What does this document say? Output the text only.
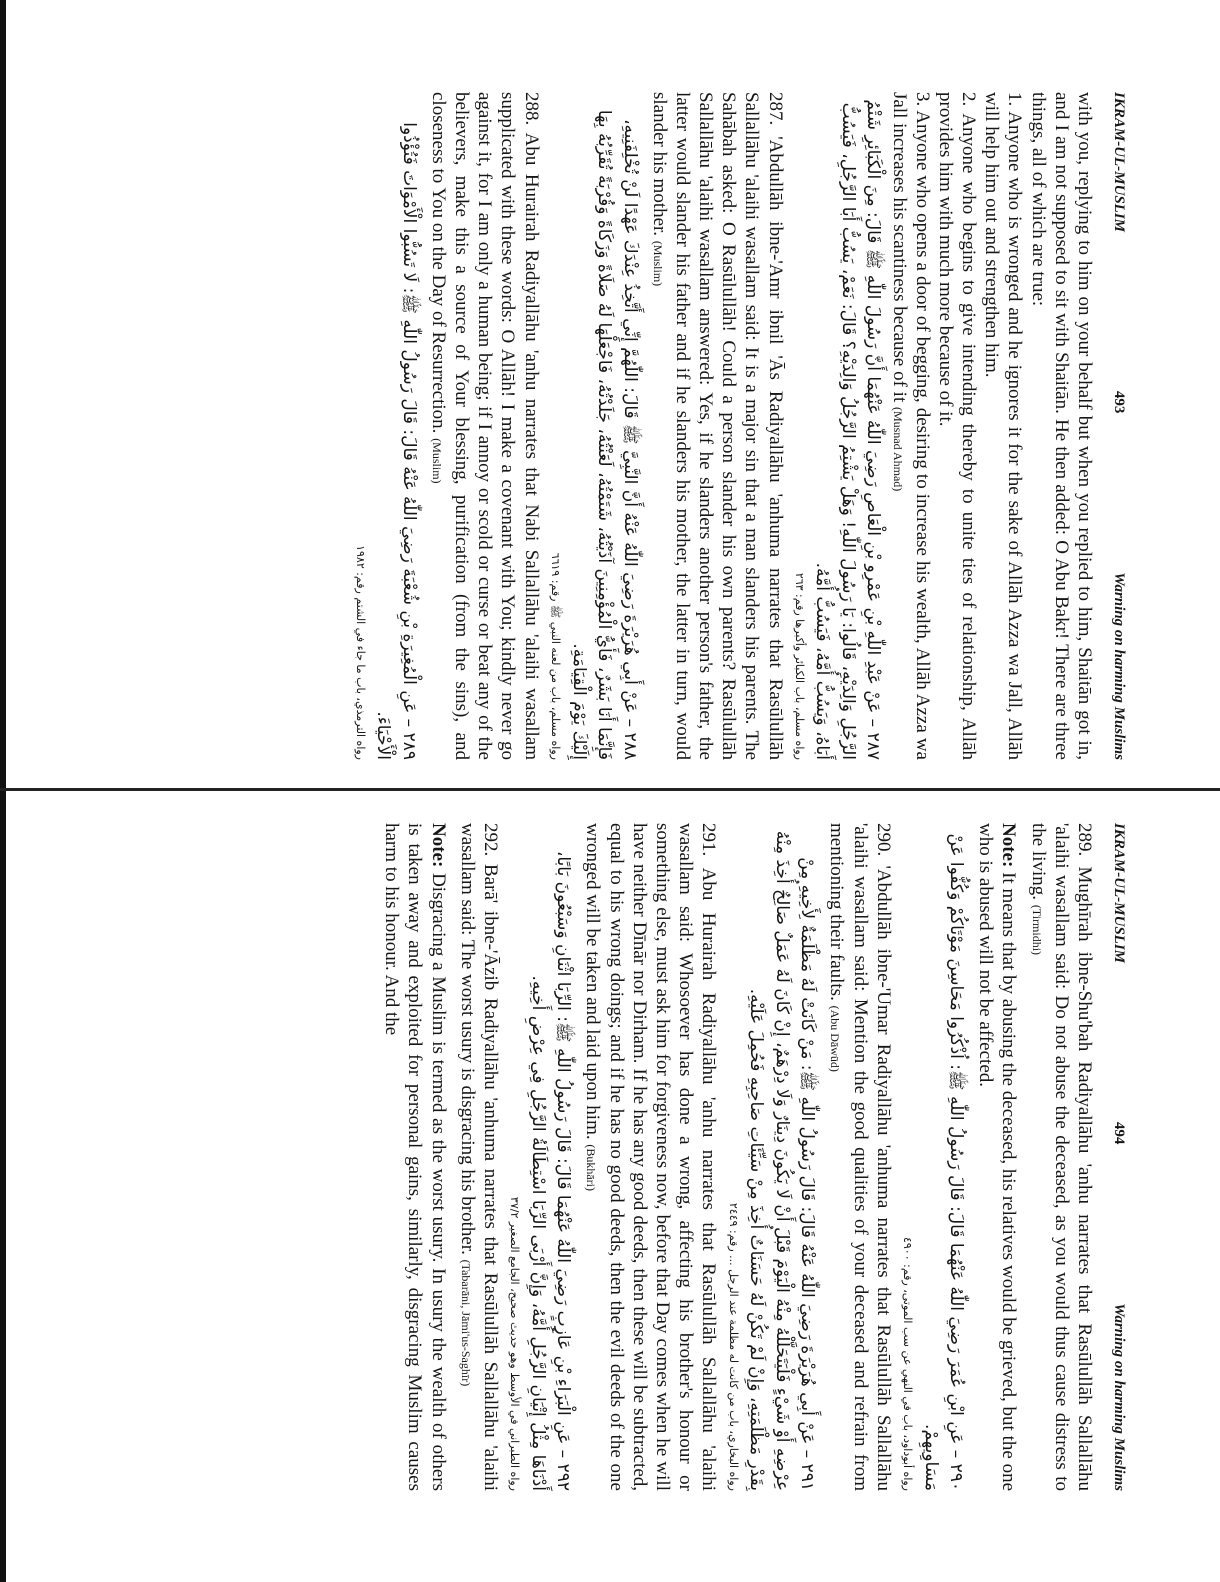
IKRAM-UL-MUSLIM
493
Warning on harming Muslims

with you, replying to him on your behalf but when you replied to him, Shaitān got in, and I am not supposed to sit with Shaitān. He then added: O Abu Bakr! There are three things, all of which are true:

1. Anyone who is wronged and he ignores it for the sake of Allāh Azza wa Jall, Allāh will help him out and strengthen him.

2. Anyone who begins to give intending thereby to unite ties of relationship, Allāh provides him with much more because of it.

3. Anyone who opens a door of begging, desiring to increase his wealth, Allāh Azza wa Jall increases his scantiness because of it (Musnad Ahmad)

٢٨٧ – عَنْ عَبْدِ اللّٰهِ بْنِ عَمْرِو بْنِ الْعَاصِ رَضِيَ اللّٰهُ عَنْهُمَا أَنَّ رَسُولَ اللّٰهِ ﷺ قَالَ: مِنَ الْكَبَائِرِ شَتْمُ الرَّجُلِ وَالِدَيْهِ، قَالُوا: يَا رَسُولَ اللّٰهِ! وَهَلْ يَشْتِمُ الرَّجُلُ وَالِدَيْهِ؟ قَالَ: نَعَمْ، يَسُبُّ أَبَا الرَّجُلِ، فَيَسُبُّ أَبَاهُ، وَيَسُبُّ أُمَّهُ، فَيَسُبُّ أُمَّهُ.
رواه مسلم، باب الكبائر وأكبرها رقم: ٢٦٣

287. 'Abdullāh ibne-'Amr ibnil 'Ās Radiyallāhu 'anhuma narrates that Rasūlullāh Sallallāhu 'alaihi wasallam said: It is a major sin that a man slanders his parents. The Sahābah asked: O Rasūlullāh! Could a person slander his own parents? Rasūlullāh Sallallāhu 'alaihi wasallam answered: Yes, if he slanders another person's father, the latter would slander his father and if he slanders his mother, the latter in turn, would slander his mother. (Muslim)

٢٨٨ – عَنْ أَبِي هُرَيْرَةَ رَضِيَ اللّٰهُ عَنْهُ أَنَّ النَّبِيَّ ﷺ قَالَ: اللّٰهُمَّ إِنِّي أَتَّخِذُ عِنْدَكَ عَهْدًا لَنْ تُخْلِفَنِيهِ، فَإِنَّمَا أَنَا بَشَرٌ، فَأَيُّ الْمُؤْمِنِينَ آذَيْتُهُ، شَتَمْتُهُ، لَعَنْتُهُ، جَلَدْتُهُ، فَاجْعَلْهَا لَهُ صَلَاةً وَزَكَاةً وَقُرْبَةً تُقَرِّبُهُ بِهَا إِلَيْكَ يَوْمَ الْقِيَامَةِ.
رواه مسلم، باب من لعنه النبي ﷺ رقم: ٦٦١٩

288. Abu Hurairah Radiyallāhu 'anhu narrates that Nabi Sallallāhu 'alaihi wasallam supplicated with these words: O Allāh! I make a covenant with You; kindly never go against it, for I am only a human being; if I annoy or scold or curse or beat any of the believers, make this a source of Your blessing, purification (from the sins), and closeness to You on the Day of Resurrection. (Muslim)

٢٨٩ – عَنِ الْمُغِيرَةِ بْنِ شُعْبَةَ رَضِيَ اللّٰهُ عَنْهُ قَالَ: قَالَ رَسُولُ اللّٰهِ ﷺ: لَا تَسُبُّوا الْأَمْوَاتَ فَتُؤْذُوا الْأَحْيَاءَ.
رواه الترمذي، باب ما جاء في الشتم رقم: ١٩٨٢
IKRAM-UL-MUSLIM
494
Warning on harming Muslims

289. Mughīrah ibne-Shu'bah Radiyallāhu 'anhu narrates that Rasūlullāh Sallallāhu 'alaihi wasallam said: Do not abuse the deceased, as you would thus cause distress to the living. (Tirmidhi)

Note: It means that by abusing the deceased, his relatives would be grieved, but the one who is abused will not be affected.

٢٩٠ – عَنِ ابْنِ عُمَرَ رَضِيَ اللّٰهُ عَنْهُمَا قَالَ: قَالَ رَسُولُ اللّٰهِ ﷺ: اُذْكُرُوا مَحَاسِنَ مَوْتَاكُمْ وَكُفُّوا عَنْ مَسَاوِيهِمْ.
رواه أبوداود، باب في النهي عن سب الموتى، رقم: ٤٩٠٠

290. 'Abdullāh ibne-'Umar Radiyallāhu 'anhuma narrates that Rasūlullāh Sallallāhu 'alaihi wasallam said: Mention the good qualities of your deceased and refrain from mentioning their faults. (Abu Dāwūd)

٢٩١ – عَنْ أَبِي هُرَيْرَةَ رَضِيَ اللّٰهُ عَنْهُ قَالَ: قَالَ رَسُولُ اللّٰهِ ﷺ: مَنْ كَانَتْ لَهُ مَظْلَمَةٌ لِأَخِيهِ مِنْ عِرْضِهِ أَوْ شَيْءٍ فَلْيَتَحَلَّلْهُ مِنْهُ الْيَوْمَ قَبْلَ أَنْ لَا يَكُونَ دِينَارٌ وَلَا دِرْهَمٌ، إِنْ كَانَ لَهُ عَمَلٌ صَالِحٌ أُخِذَ مِنْهُ بِقَدْرِ مَظْلَمَتِهِ، وَإِنْ لَمْ تَكُنْ لَهُ حَسَنَاتٌ أُخِذَ مِنْ سَيِّئَاتِ صَاحِبِهِ فَحُمِلَ عَلَيْهِ.
رواه البخاري، باب من كانت له مظلمة عند الرجل ... رقم: ٢٤٤٩

291. Abu Hurairah Radiyallāhu 'anhu narrates that Rasūlullāh Sallallāhu 'alaihi wasallam said: Whosoever has done a wrong, affecting his brother's honour or something else, must ask him for forgiveness now, before that Day comes when he will have neither Dīnār nor Dirham. If he has any good deeds, then these will be subtracted, equal to his wrong doings; and if he has no good deeds, then the evil deeds of the one wronged will be taken and laid upon him. (Bukhāri)

٢٩٢ – عَنِ الْبَرَاءِ بْنِ عَازِبٍ رَضِيَ اللّٰهُ عَنْهُمَا قَالَ: قَالَ رَسُولُ اللّٰهِ ﷺ: الرِّبَا اثْنَانِ وَسَبْعُونَ بَابًا، أَدْنَاهَا مِثْلُ إِتْيَانِ الرَّجُلِ أُمَّهُ، وَإِنَّ أَرْبَى الرِّبَا اسْتِطَالَةُ الرَّجُلِ فِي عِرْضِ أَخِيهِ.
رواه الطبراني في الأوسط وهو حديث صحيح، الجامع الصغير ٣٧/٢

292. Barā' ibne-'Āzib Radiyallāhu 'anhuma narrates that Rasūlullāh Sallallāhu 'alaihi wasallam said: The worst usury is disgracing his brother. (Tabarāni, Jāmi'us-Saghīr)

Note: Disgracing a Muslim is termed as the worst usury. In usury the wealth of others is taken away and exploited for personal gains, similarly, disgracing Muslim causes harm to his honour. And the
